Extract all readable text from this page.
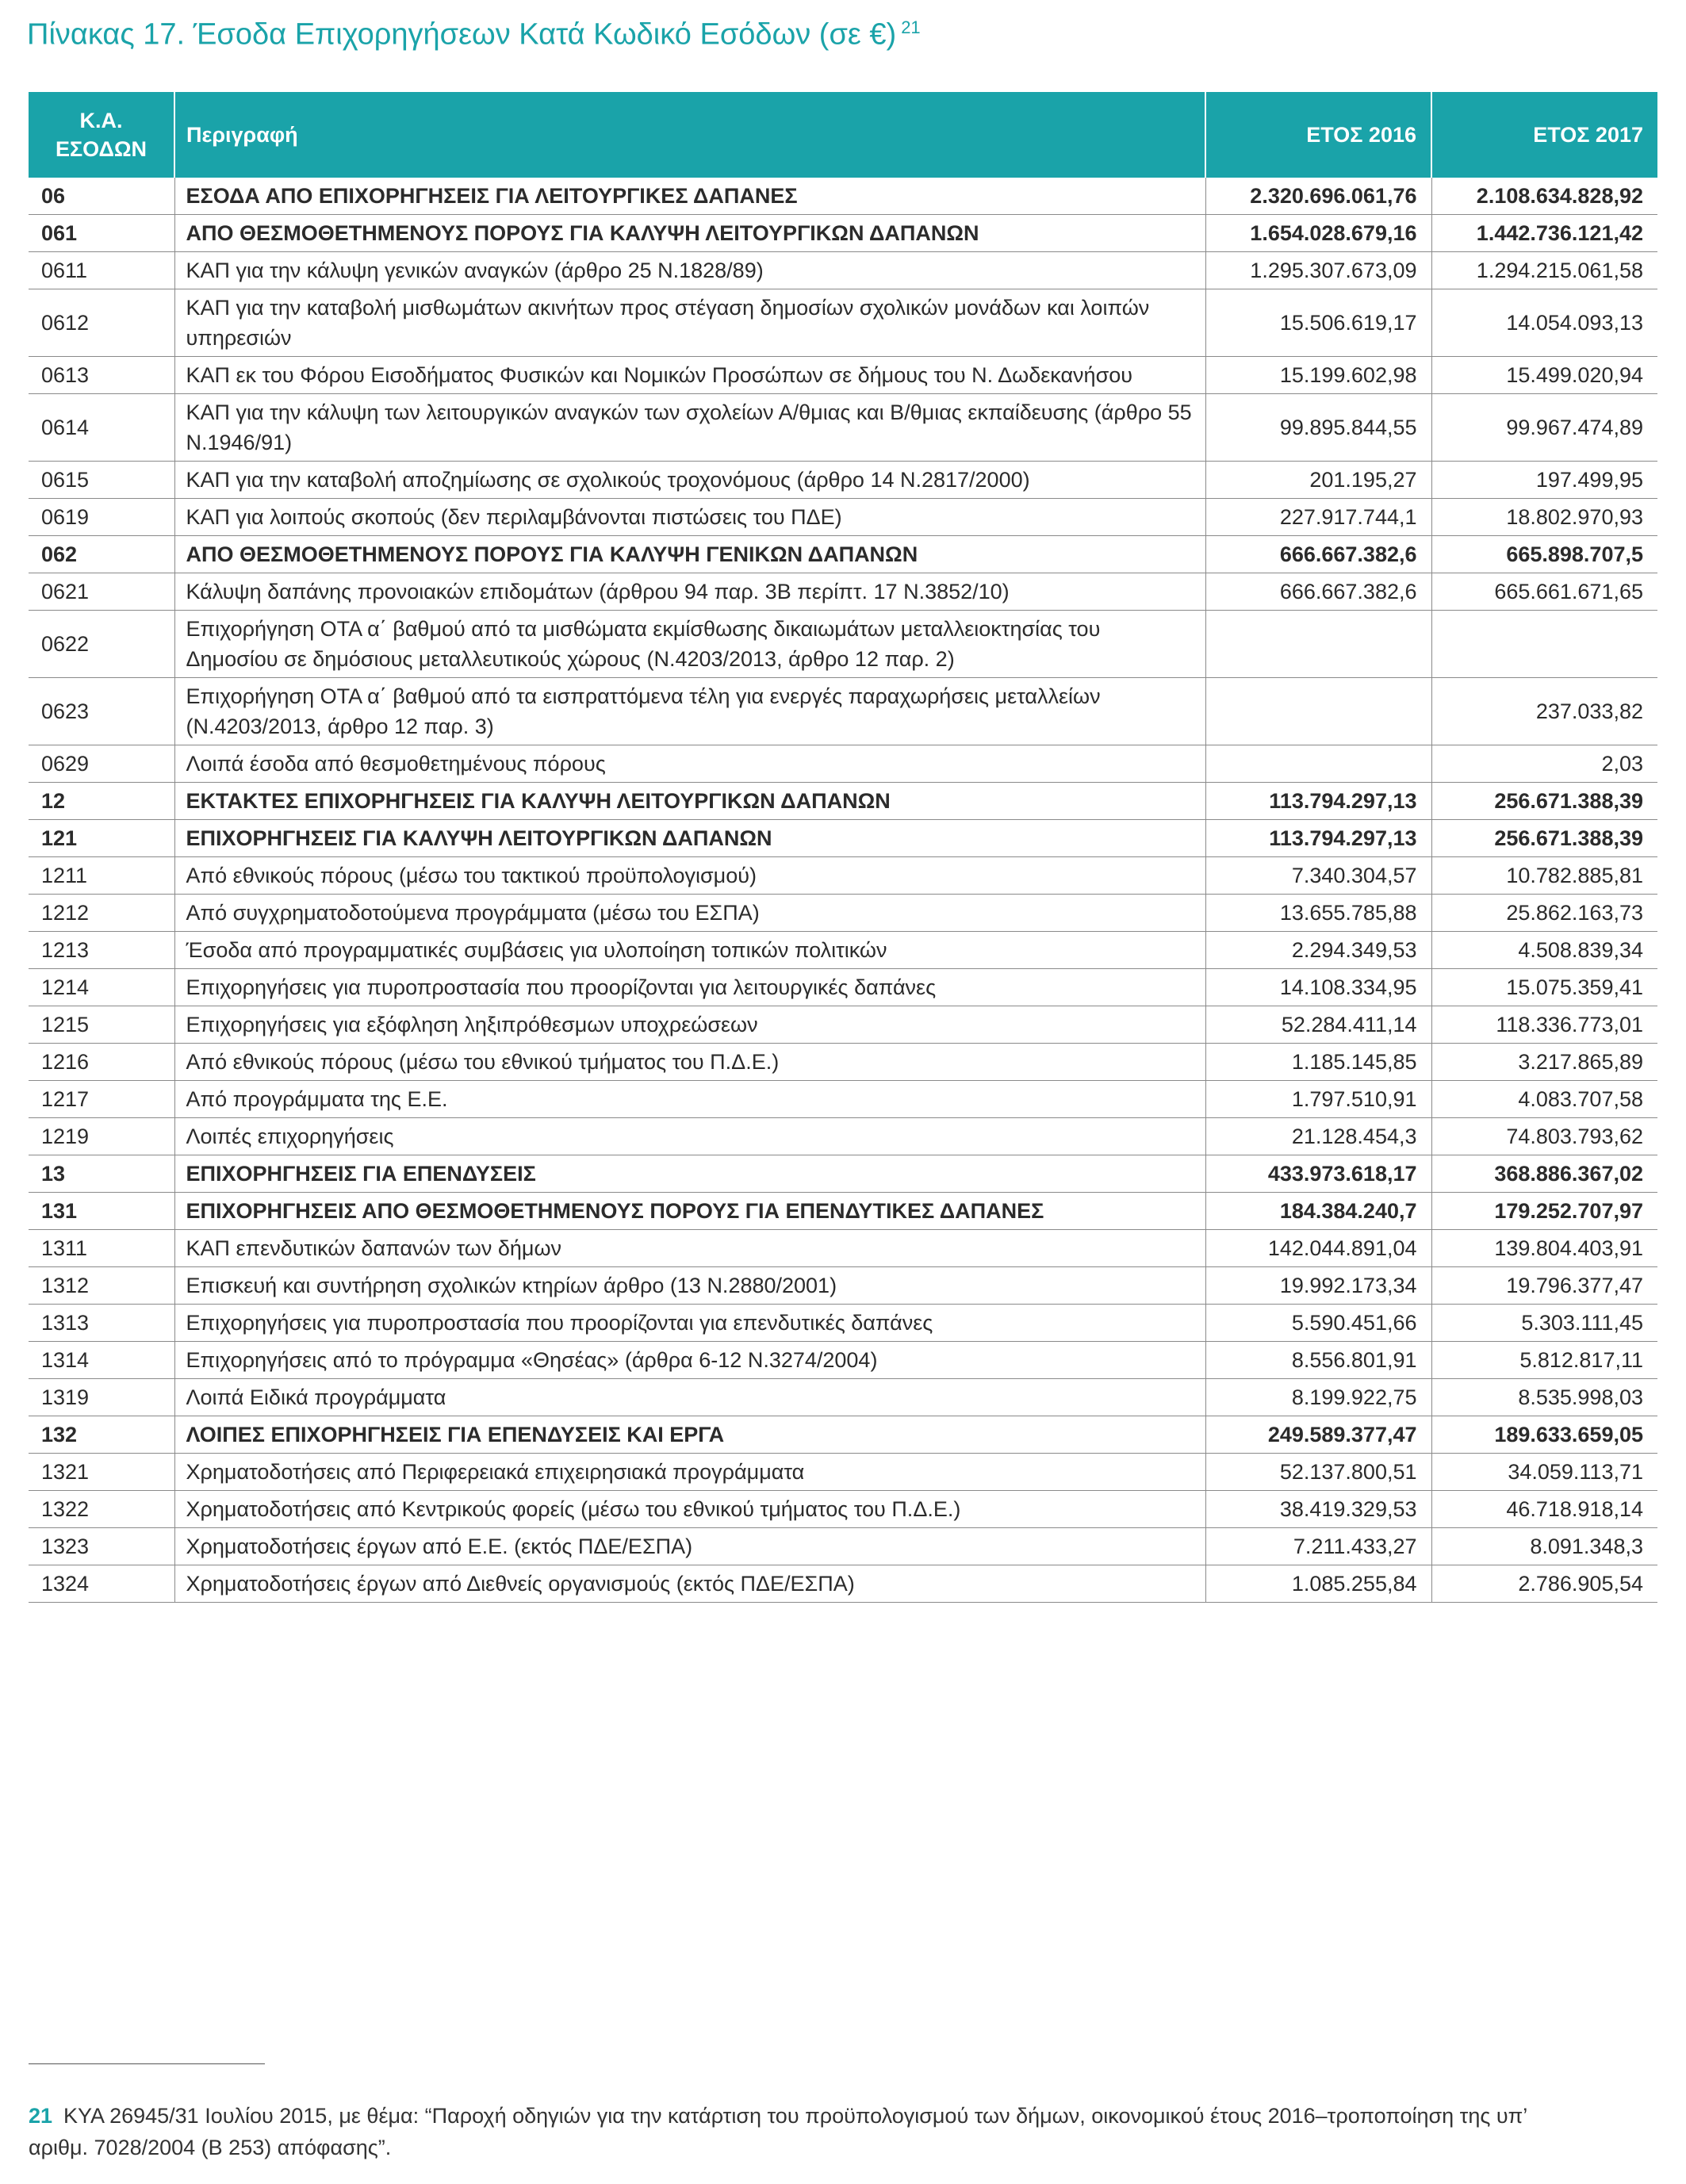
Πίνακας 17. Έσοδα Επιχορηγήσεων Κατά Κωδικό Εσόδων (σε €) $^{21}$
Κ.Α.
ΕΣΟΔΩΝ	Περιγραφή	ΕΤΟΣ 2016	ΕΤΟΣ 2017
06	ΕΣΟΔΑ ΑΠΟ ΕΠΙΧΟΡΗΓΗΣΕΙΣ ΓΙΑ ΛΕΙΤΟΥΡΓΙΚΕΣ ΔΑΠΑΝΕΣ	2.320.696.061,76	2.108.634.828,92
061	ΑΠΟ ΘΕΣΜΟΘΕΤΗΜΕΝΟΥΣ ΠΟΡΟΥΣ ΓΙΑ ΚΑΛΥΨΗ ΛΕΙΤΟΥΡΓΙΚΩΝ ΔΑΠΑΝΩΝ	1.654.028.679,16	1.442.736.121,42
0611	ΚΑΠ για την κάλυψη γενικών αναγκών (άρθρο 25 Ν.1828/89)	1.295.307.673,09	1.294.215.061,58
0612	ΚΑΠ για την καταβολή μισθωμάτων ακινήτων προς στέγαση δημοσίων σχολικών μονάδων και λοιπών υπηρεσιών	15.506.619,17	14.054.093,13
0613	ΚΑΠ εκ του Φόρου Εισοδήματος Φυσικών και Νομικών Προσώπων σε δήμους του Ν. Δωδεκανήσου	15.199.602,98	15.499.020,94
0614	ΚΑΠ για την κάλυψη των λειτουργικών αναγκών των σχολείων Α/θμιας και Β/θμιας εκπαίδευσης (άρθρο 55 Ν.1946/91)	99.895.844,55	99.967.474,89
0615	ΚΑΠ για την καταβολή αποζημίωσης σε σχολικούς τροχονόμους (άρθρο 14 Ν.2817/2000)	201.195,27	197.499,95
0619	ΚΑΠ για λοιπούς σκοπούς (δεν περιλαμβάνονται πιστώσεις του ΠΔΕ)	227.917.744,1	18.802.970,93
062	ΑΠΟ ΘΕΣΜΟΘΕΤΗΜΕΝΟΥΣ ΠΟΡΟΥΣ ΓΙΑ ΚΑΛΥΨΗ ΓΕΝΙΚΩΝ ΔΑΠΑΝΩΝ	666.667.382,6	665.898.707,5
0621	Κάλυψη δαπάνης προνοιακών επιδομάτων (άρθρου 94 παρ. 3Β περίπτ. 17 Ν.3852/10)	666.667.382,6	665.661.671,65
0622	Επιχορήγηση ΟΤΑ α΄ βαθμού από τα μισθώματα εκμίσθωσης δικαιωμάτων μεταλλειοκτησίας του Δημοσίου σε δημόσιους μεταλλευτικούς χώρους (Ν.4203/2013, άρθρο 12 παρ. 2)		
0623	Επιχορήγηση ΟΤΑ α΄ βαθμού από τα εισπραττόμενα τέλη για ενεργές παραχωρήσεις μεταλλείων (Ν.4203/2013, άρθρο 12 παρ. 3)		237.033,82
0629	Λοιπά έσοδα από θεσμοθετημένους πόρους		2,03
12	ΕΚΤΑΚΤΕΣ ΕΠΙΧΟΡΗΓΗΣΕΙΣ ΓΙΑ ΚΑΛΥΨΗ ΛΕΙΤΟΥΡΓΙΚΩΝ ΔΑΠΑΝΩΝ	113.794.297,13	256.671.388,39
121	ΕΠΙΧΟΡΗΓΗΣΕΙΣ ΓΙΑ ΚΑΛΥΨΗ ΛΕΙΤΟΥΡΓΙΚΩΝ ΔΑΠΑΝΩΝ	113.794.297,13	256.671.388,39
1211	Από εθνικούς πόρους (μέσω του τακτικού προϋπολογισμού)	7.340.304,57	10.782.885,81
1212	Από συγχρηματοδοτούμενα προγράμματα (μέσω του ΕΣΠΑ)	13.655.785,88	25.862.163,73
1213	Έσοδα από προγραμματικές συμβάσεις για υλοποίηση τοπικών πολιτικών	2.294.349,53	4.508.839,34
1214	Επιχορηγήσεις για πυροπροστασία που προορίζονται για λειτουργικές δαπάνες	14.108.334,95	15.075.359,41
1215	Επιχορηγήσεις για εξόφληση ληξιπρόθεσμων υποχρεώσεων	52.284.411,14	118.336.773,01
1216	Από εθνικούς πόρους (μέσω του εθνικού τμήματος του Π.Δ.Ε.)	1.185.145,85	3.217.865,89
1217	Από προγράμματα της Ε.Ε.	1.797.510,91	4.083.707,58
1219	Λοιπές επιχορηγήσεις	21.128.454,3	74.803.793,62
13	ΕΠΙΧΟΡΗΓΗΣΕΙΣ ΓΙΑ ΕΠΕΝΔΥΣΕΙΣ	433.973.618,17	368.886.367,02
131	ΕΠΙΧΟΡΗΓΗΣΕΙΣ ΑΠΟ ΘΕΣΜΟΘΕΤΗΜΕΝΟΥΣ ΠΟΡΟΥΣ ΓΙΑ ΕΠΕΝΔΥΤΙΚΕΣ ΔΑΠΑΝΕΣ	184.384.240,7	179.252.707,97
1311	ΚΑΠ επενδυτικών δαπανών των δήμων	142.044.891,04	139.804.403,91
1312	Επισκευή και συντήρηση σχολικών κτηρίων άρθρο (13 Ν.2880/2001)	19.992.173,34	19.796.377,47
1313	Επιχορηγήσεις για πυροπροστασία που προορίζονται για επενδυτικές δαπάνες	5.590.451,66	5.303.111,45
1314	Επιχορηγήσεις από το πρόγραμμα «Θησέας» (άρθρα 6-12 Ν.3274/2004)	8.556.801,91	5.812.817,11
1319	Λοιπά Ειδικά προγράμματα	8.199.922,75	8.535.998,03
132	ΛΟΙΠΕΣ ΕΠΙΧΟΡΗΓΗΣΕΙΣ ΓΙΑ ΕΠΕΝΔΥΣΕΙΣ ΚΑΙ ΕΡΓΑ	249.589.377,47	189.633.659,05
1321	Χρηματοδοτήσεις από Περιφερειακά επιχειρησιακά προγράμματα	52.137.800,51	34.059.113,71
1322	Χρηματοδοτήσεις από Κεντρικούς φορείς (μέσω του εθνικού τμήματος του Π.Δ.Ε.)	38.419.329,53	46.718.918,14
1323	Χρηματοδοτήσεις έργων από Ε.Ε. (εκτός ΠΔΕ/ΕΣΠΑ)	7.211.433,27	8.091.348,3
1324	Χρηματοδοτήσεις έργων από Διεθνείς οργανισμούς (εκτός ΠΔΕ/ΕΣΠΑ)	1.085.255,84	2.786.905,54
21 ΚΥΑ 26945/31 Ιουλίου 2015, με θέμα: “Παροχή οδηγιών για την κατάρτιση του προϋπολογισμού των δήμων, οικονομικού έτους 2016–τροποποίηση της υπ’ αριθμ. 7028/2004 (Β 253) απόφασης”.
